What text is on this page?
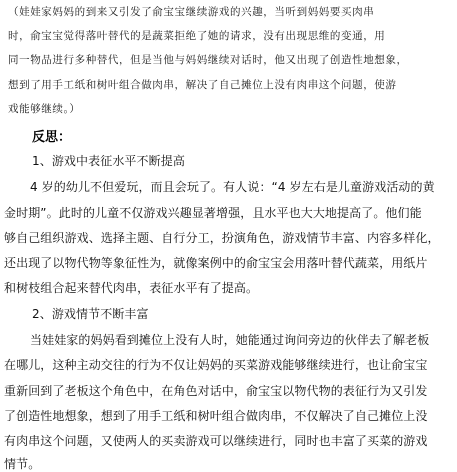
（娃娃家妈妈的到来又引发了俞宝宝继续游戏的兴趣，当听到妈妈要买肉串
时，俞宝宝觉得落叶替代的是蔬菜拒绝了她的请求，没有出现思维的变通，用
同一物品进行多种替代，但是当他与妈妈继续对话时，他又出现了创造性地想象，
想到了用手工纸和树叶组合做肉串，解决了自己摊位上没有肉串这个问题，使游
戏能够继续。）
反思：
1、游戏中表征水平不断提高
4 岁的幼儿不但爱玩，而且会玩了。有人说：“4 岁左右是儿童游戏活动的黄
金时期”。此时的儿童不仅游戏兴趣显著增强，且水平也大大地提高了。他们能
够自己组织游戏、选择主题、自行分工，扮演角色，游戏情节丰富、内容多样化，
还出现了以物代物等象征性为，就像案例中的俞宝宝会用落叶替代蔬菜，用纸片
和树枝组合起来替代肉串，表征水平有了提高。
2、游戏情节不断丰富
当娃娃家的妈妈看到摊位上没有人时，她能通过询问旁边的伙伴去了解老板
在哪儿，这种主动交往的行为不仅让妈妈的买菜游戏能够继续进行，也让俞宝宝
重新回到了老板这个角色中，在角色对话中，俞宝宝以物代物的表征行为又引发
了创造性地想象，想到了用手工纸和树叶组合做肉串，不仅解决了自己摊位上没
有肉串这个问题，又使两人的买卖游戏可以继续进行，同时也丰富了买菜的游戏
情节。
